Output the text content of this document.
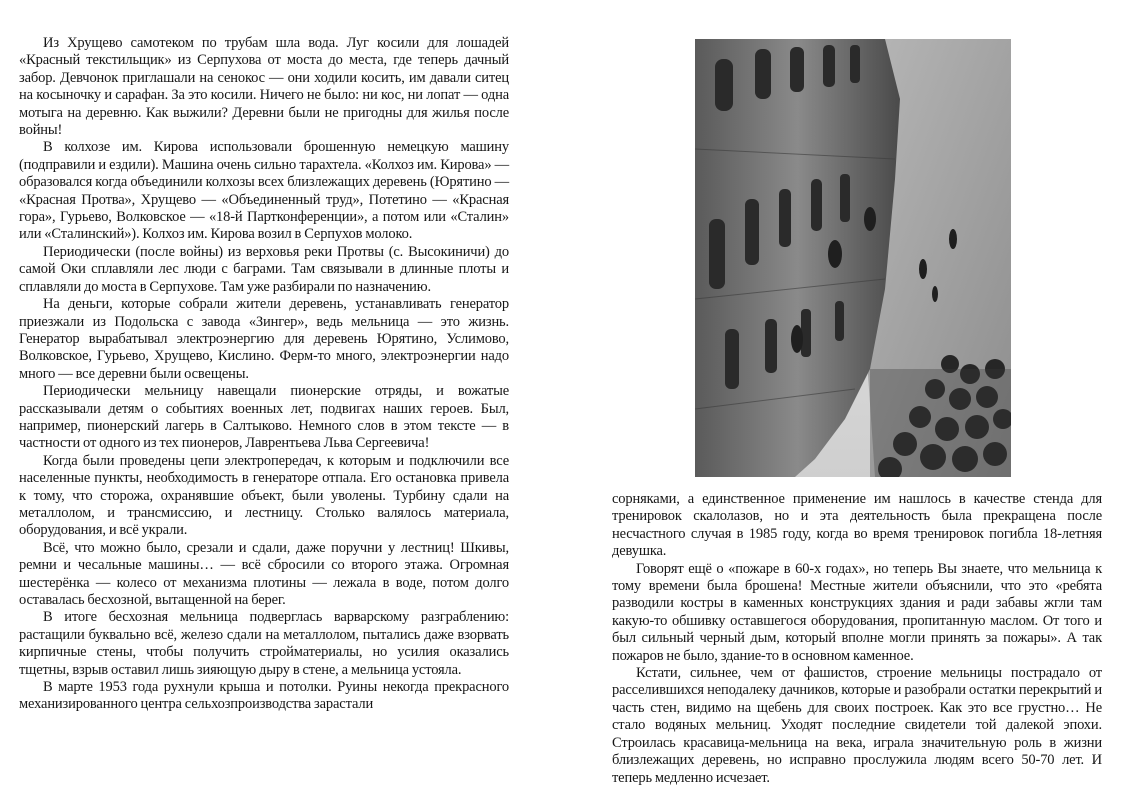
Из Хрущево самотеком по трубам шла вода. Луг косили для лошадей «Красный текстильщик» из Серпухова от моста до места, где теперь дачный забор. Девчонок приглашали на сенокос — они ходили косить, им давали ситец на косыночку и сарафан. За это косили. Ничего не было: ни кос, ни лопат — одна мотыга на деревню. Как выжили? Деревни были не пригодны для жилья после войны!

В колхозе им. Кирова использовали брошенную немецкую машину (подправили и ездили). Машина очень сильно тарахтела. «Колхоз им. Кирова» — образовался когда объединили колхозы всех близлежащих деревень (Юрятино — «Красная Протва», Хрущево — «Объединенный труд», Потетино — «Красная гора», Гурьево, Волковское — «18-й Партконференции», а потом или «Сталин» или «Сталинский»). Колхоз им. Кирова возил в Серпухов молоко.

Периодически (после войны) из верховья реки Протвы (с. Высокиничи) до самой Оки сплавляли лес люди с баграми. Там связывали в длинные плоты и сплавляли до моста в Серпухове. Там уже разбирали по назначению.

На деньги, которые собрали жители деревень, устанавливать генератор приезжали из Подольска с завода «Зингер», ведь мельница — это жизнь. Генератор вырабатывал электроэнергию для деревень Юрятино, Услимово, Волковское, Гурьево, Хрущево, Кислино. Ферм-то много, электроэнергии надо много — все деревни были освещены.

Периодически мельницу навещали пионерские отряды, и вожатые рассказывали детям о событиях военных лет, подвигах наших героев. Был, например, пионерский лагерь в Салтыково. Немного слов в этом тексте — в частности от одного из тех пионеров, Лаврентьева Льва Сергеевича!

Когда были проведены цепи электропередач, к которым и подключили все населенные пункты, необходимость в генераторе отпала. Его остановка привела к тому, что сторожа, охранявшие объект, были уволены. Турбину сдали на металлолом, и трансмиссию, и лестницу. Столько валялось материала, оборудования, и всё украли.

Всё, что можно было, срезали и сдали, даже поручни у лестниц! Шкивы, ремни и чесальные машины… — всё сбросили со второго этажа. Огромная шестерёнка — колесо от механизма плотины — лежала в воде, потом долго оставалась бесхозной, вытащенной на берег.

В итоге бесхозная мельница подверглась варварскому разграблению: растащили буквально всё, железо сдали на металлолом, пытались даже взорвать кирпичные стены, чтобы получить стройматериалы, но усилия оказались тщетны, взрыв оставил лишь зияющую дыру в стене, а мельница устояла.

В марте 1953 года рухнули крыша и потолки. Руины некогда прекрасного механизированного центра сельхозпроизводства зарастали

сорняками, а единственное применение им нашлось в качестве стенда для тренировок скалолазов, но и эта деятельность была прекращена после несчастного случая в 1985 году, когда во время тренировок погибла 18-летняя девушка.

Говорят ещё о «пожаре в 60-х годах», но теперь Вы знаете, что мельница к тому времени была брошена! Местные жители объяснили, что это «ребята разводили костры в каменных конструкциях здания и ради забавы жгли там какую-то обшивку оставшегося оборудования, пропитанную маслом. От того и был сильный черный дым, который вполне могли принять за пожары». А так пожаров не было, здание-то в основном каменное.

Кстати, сильнее, чем от фашистов, строение мельницы пострадало от расселившихся неподалеку дачников, которые и разобрали остатки перекрытий и часть стен, видимо на щебень для своих построек. Как это все грустно… Не стало водяных мельниц. Уходят последние свидетели той далекой эпохи. Строилась красавица-мельница на века, играла значительную роль в жизни близлежащих деревень, но исправно прослужила людям всего 50-70 лет. И теперь медленно исчезает.
